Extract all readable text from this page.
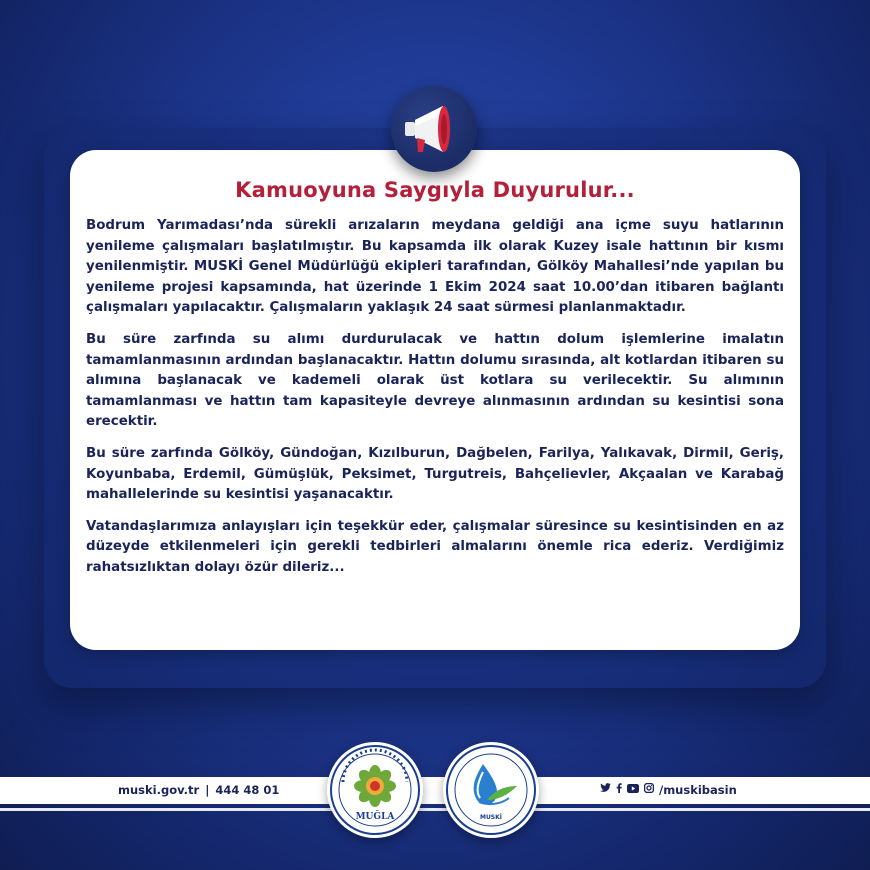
Kamuoyuna Saygıyla Duyurulur...

Bodrum Yarımadası’nda sürekli arızaların meydana geldiği ana içme suyu hatlarının yenileme çalışmaları başlatılmıştır. Bu kapsamda ilk olarak Kuzey isale hattının bir kısmı yenilenmiştir. MUSKİ Genel Müdürlüğü ekipleri tarafından, Gölköy Mahallesi’nde yapılan bu yenileme projesi kapsamında, hat üzerinde 1 Ekim 2024 saat 10.00’dan itibaren bağlantı çalışmaları yapılacaktır. Çalışmaların yaklaşık 24 saat sürmesi planlanmaktadır.

Bu süre zarfında su alımı durdurulacak ve hattın dolum işlemlerine imalatın tamamlanmasının ardından başlanacaktır. Hattın dolumu sırasında, alt kotlardan itibaren su alımına başlanacak ve kademeli olarak üst kotlara su verilecektir. Su alımının tamamlanması ve hattın tam kapasiteyle devreye alınmasının ardından su kesintisi sona erecektir.

Bu süre zarfında Gölköy, Gündoğan, Kızılburun, Dağbelen, Farilya, Yalıkavak, Dirmil, Geriş, Koyunbaba, Erdemil, Gümüşlük, Peksimet, Turgutreis, Bahçelievler, Akçaalan ve Karabağ mahallelerinde su kesintisi yaşanacaktır.

Vatandaşlarımıza anlayışları için teşekkür eder, çalışmalar süresince su kesintisinden en az düzeyde etkilenmeleri için gerekli tedbirleri almalarını önemle rica ederiz. Verdiğimiz rahatsızlıktan dolayı özür dileriz...

muski.gov.tr | 444 48 01	/muskibasin
MUĞLA	MUSKİ
